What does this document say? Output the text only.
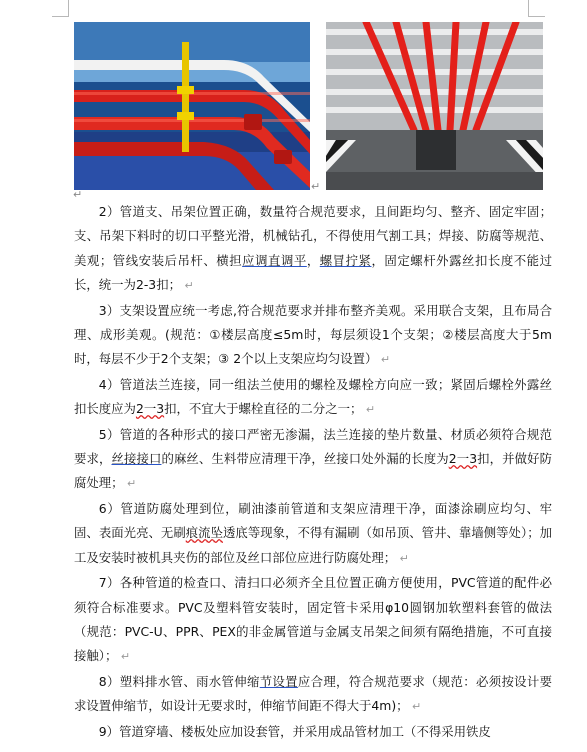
↵
↵

2）管道支、吊架位置正确，数量符合规范要求，且间距均匀、整齐、固定牢固；支、吊架下料时的切口平整光滑，机械钻孔，不得使用气割工具；焊接、防腐等规范、美观；管线安装后吊杆、横担应调直调平，螺冒拧紧，固定螺杆外露丝扣长度不能过长，统一为2-3扣； ↵

3）支架设置应统一考虑,符合规范要求并排布整齐美观。采用联合支架，且布局合理、成形美观。(规范：①楼层高度≤5m时，每层须设1个支架；②楼层高度大于5m时，每层不少于2个支架；③ 2个以上支架应均匀设置） ↵

4）管道法兰连接，同一组法兰使用的螺栓及螺栓方向应一致；紧固后螺栓外露丝扣长度应为2一3扣，不宜大于螺栓直径的二分之一； ↵

5）管道的各种形式的接口严密无渗漏，法兰连接的垫片数量、材质必须符合规范要求，丝接接口的麻丝、生料带应清理干净，丝接口处外漏的长度为2一3扣，并做好防腐处理； ↵

6）管道防腐处理到位，刷油漆前管道和支架应清理干净，面漆涂刷应均匀、牢固、表面光亮、无刷痕流坠透底等现象，不得有漏刷（如吊顶、管井、靠墙侧等处）；加工及安装时被机具夹伤的部位及丝口部位应进行防腐处理； ↵

7）各种管道的检查口、清扫口必须齐全且位置正确方便使用，PVC管道的配件必须符合标准要求。PVC及塑料管安装时，固定管卡采用φ10圆钢加软塑料套管的做法（规范：PVC-U、PPR、PEX的非金属管道与金属支吊架之间须有隔绝措施，不可直接接触）； ↵

8）塑料排水管、雨水管伸缩节设置应合理，符合规范要求（规范：必须按设计要求设置伸缩节，如设计无要求时，伸缩节间距不得大于4m)； ↵

9）管道穿墙、楼板处应加设套管，并采用成品管材加工（不得采用铁皮
